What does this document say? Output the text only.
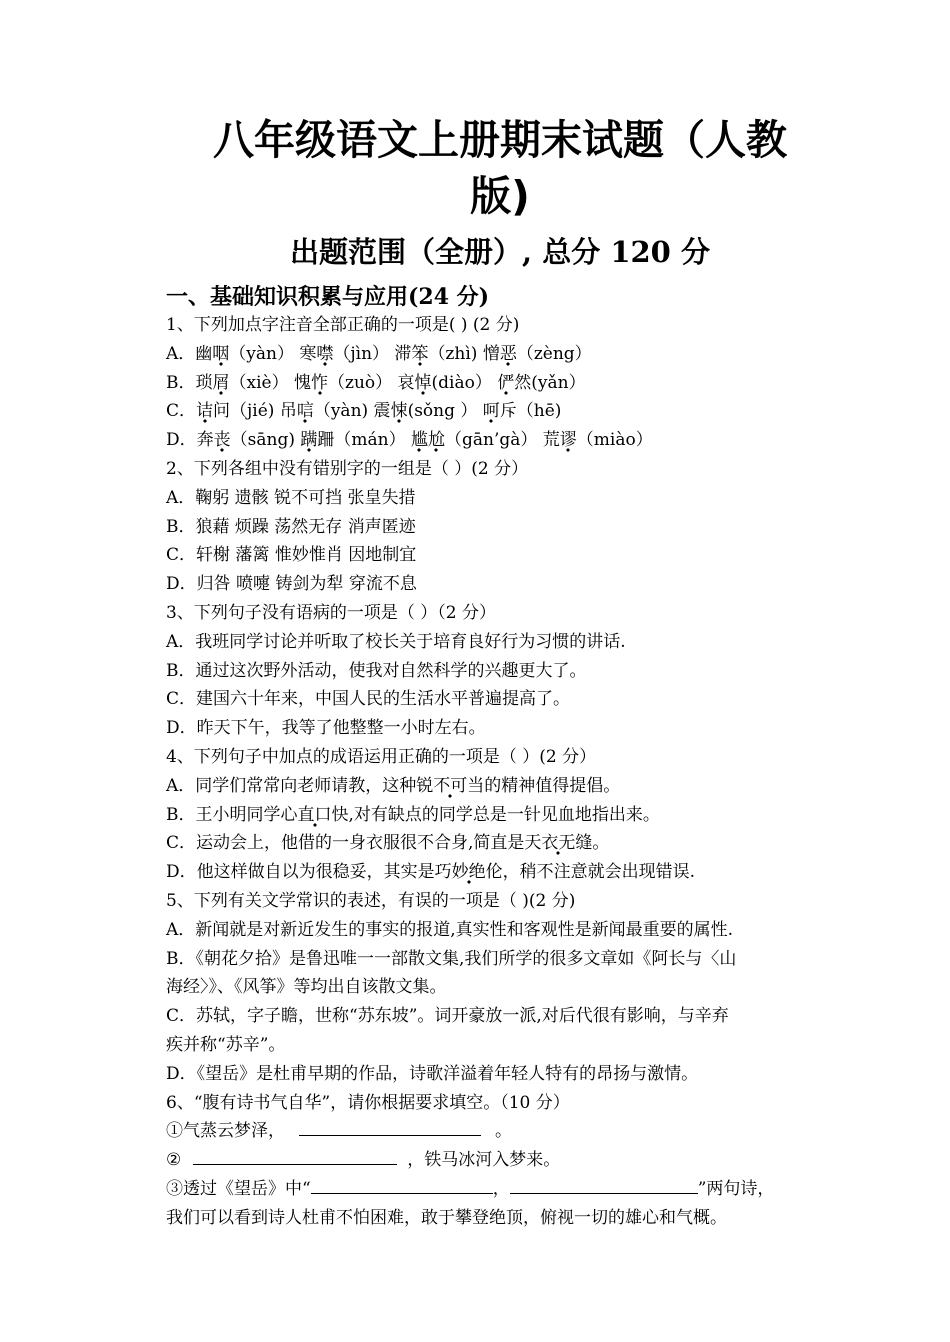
八年级语文上册期末试题（人教
版)
出题范围（全册）, 总分 120 分
一、基础知识积累与应用(24 分)
1、下列加点字注音全部正确的一项是( ) (2 分)
A．幽咽（yàn） 寒噤（jìn） 滞笨（zhì) 憎恶（zèng）
B．琐屑（xiè） 愧怍（zuò） 哀悼(diào） 俨然(yǎn）
C．诘问（jié) 吊唁（yàn) 震悚(sǒng ） 呵斥（hē)
D．奔丧（sāng) 蹒跚（mán） 尴尬（gān’gà） 荒谬（miào）
2、下列各组中没有错别字的一组是（ ）(2 分）
A．鞠躬 遗骸 锐不可挡 张皇失措
B．狼藉 烦躁 荡然无存 消声匿迹
C．轩榭 藩篱 惟妙惟肖 因地制宜
D．归咎 喷嚏 铸剑为犁 穿流不息
3、下列句子没有语病的一项是（ ）（2 分）
A．我班同学讨论并听取了校长关于培育良好行为习惯的讲话.
B．通过这次野外活动，使我对自然科学的兴趣更大了。
C．建国六十年来，中国人民的生活水平普遍提高了。
D．昨天下午，我等了他整整一小时左右。
4、下列句子中加点的成语运用正确的一项是（ ）(2 分）
A．同学们常常向老师请教，这种锐不可当的精神值得提倡。
B．王小明同学心直口快,对有缺点的同学总是一针见血地指出来。
C．运动会上，他借的一身衣服很不合身,简直是天衣无缝。
D．他这样做自以为很稳妥，其实是巧妙绝伦，稍不注意就会出现错误.
5、下列有关文学常识的表述，有误的一项是（ )(2 分)
A．新闻就是对新近发生的事实的报道,真实性和客观性是新闻最重要的属性.
B．《朝花夕拾》是鲁迅唯一一部散文集,我们所学的很多文章如《阿长与〈山
海经〉》、《风筝》等均出自该散文集。
C．苏轼，字子瞻，世称“苏东坡”。词开豪放一派,对后代很有影响，与辛弃
疾并称“苏辛”。
D．《望岳》是杜甫早期的作品，诗歌洋溢着年轻人特有的昂扬与激情。
6、“腹有诗书气自华”，请你根据要求填空。（10 分）
①气蒸云梦泽，	。
②	，铁马冰河入梦来。
③透过《望岳》中“	，	”两句诗，
我们可以看到诗人杜甫不怕困难，敢于攀登绝顶，俯视一切的雄心和气概。
